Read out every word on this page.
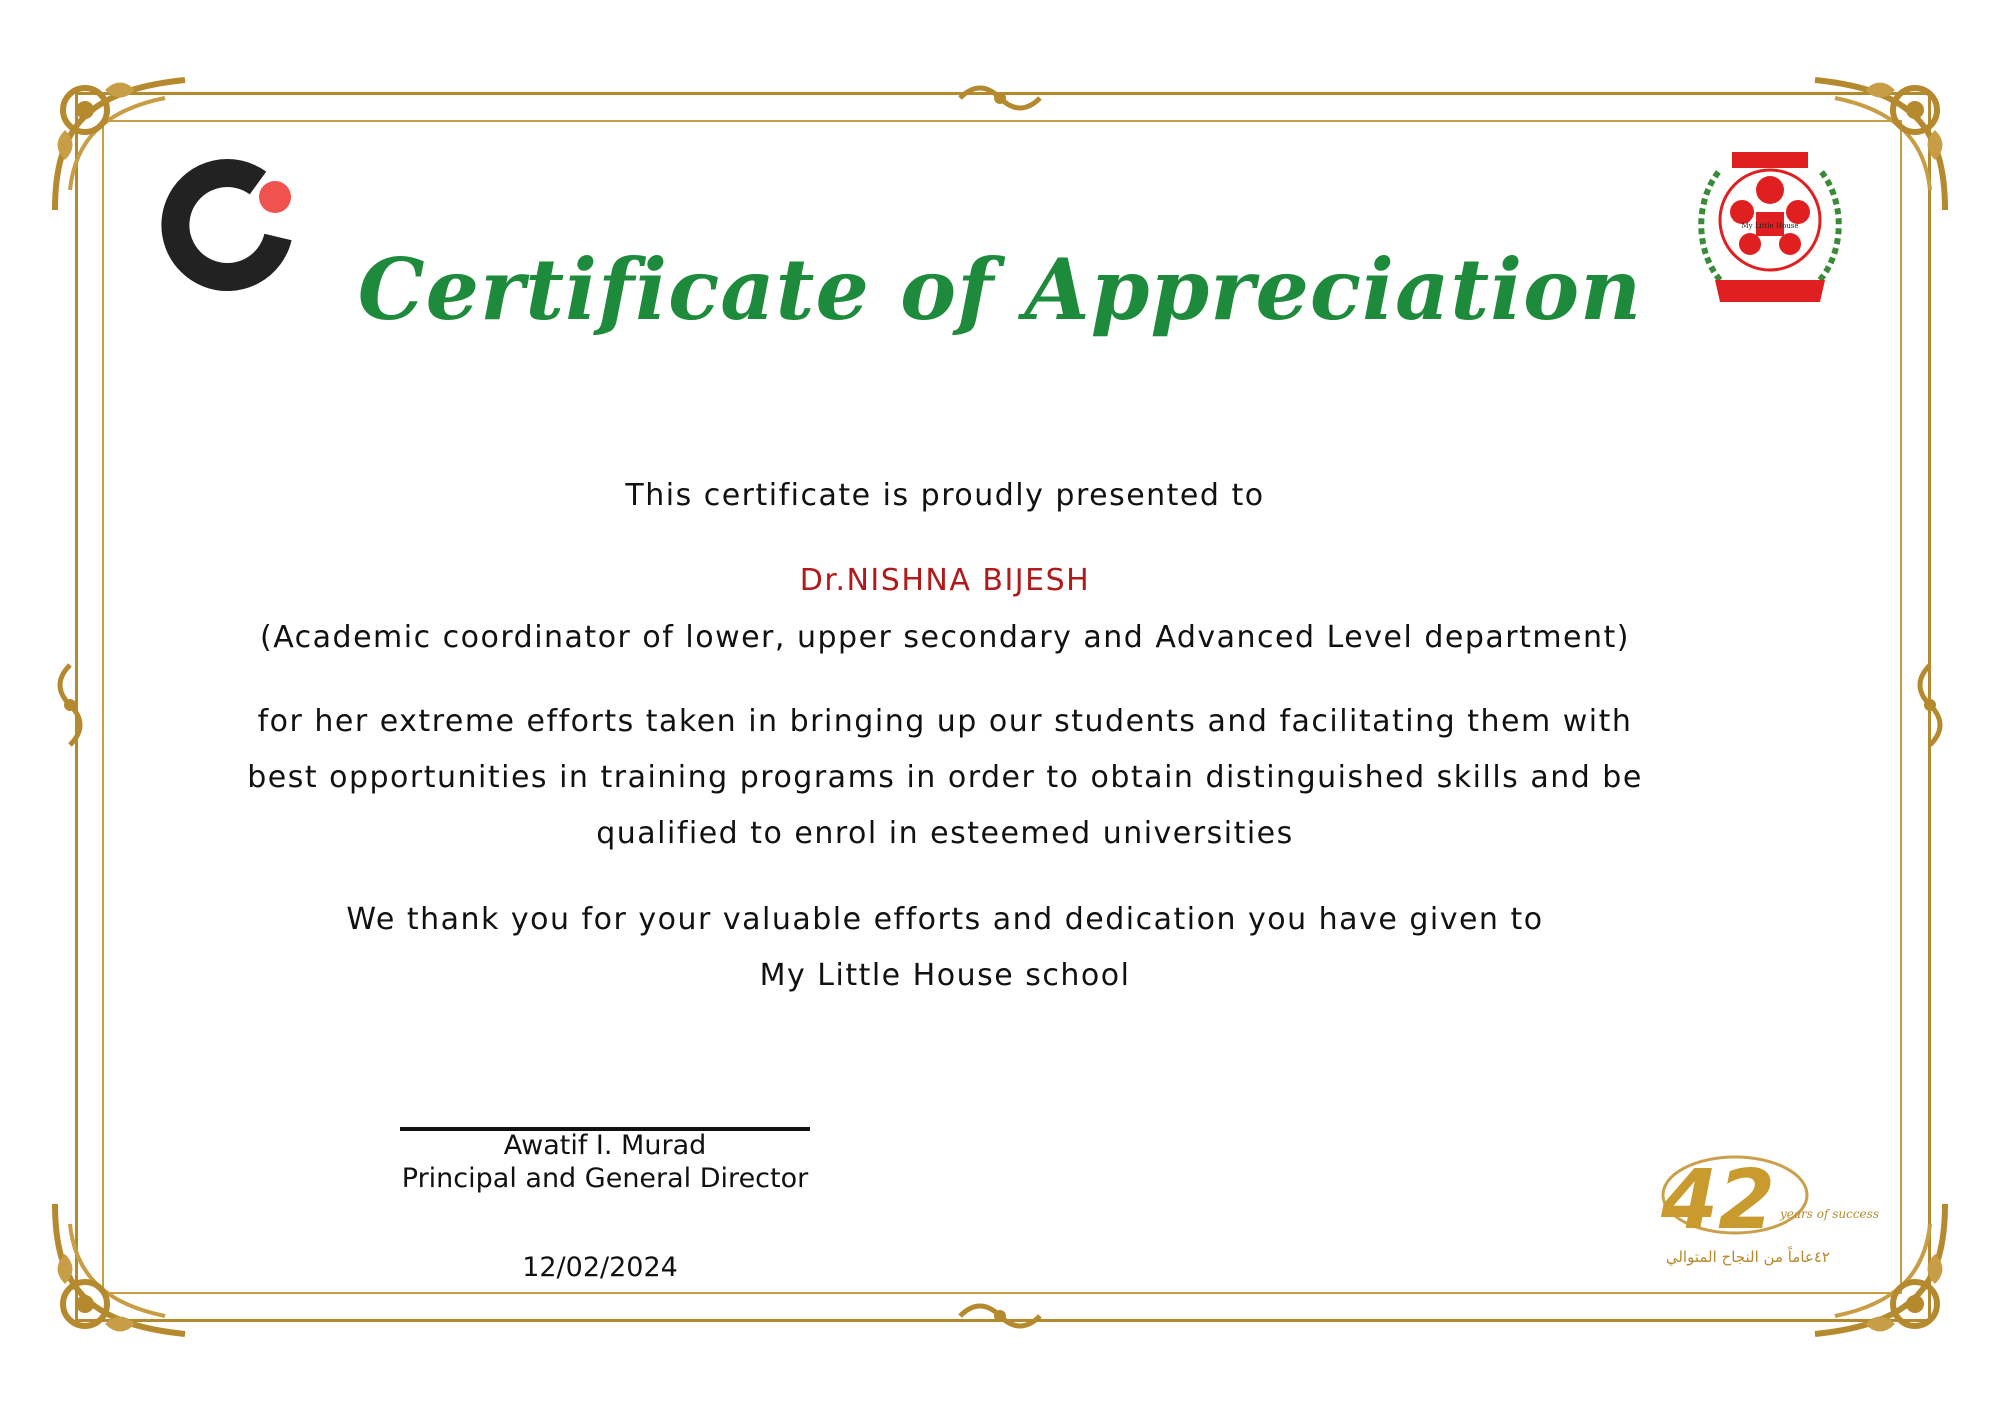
My Little House
42 years of success
٤٢عاماً من النجاح المتوالي
Certificate of Appreciation
This certificate is proudly presented to
Dr.NISHNA BIJESH
(Academic coordinator of lower, upper secondary and Advanced Level department)
for her extreme efforts taken in bringing up our students and facilitating them with
best opportunities in training programs in order to obtain distinguished skills and be
qualified to enrol in esteemed universities
We thank you for your valuable efforts and dedication you have given to
My Little House school
Awatif I. Murad
Principal and General Director
12/02/2024
